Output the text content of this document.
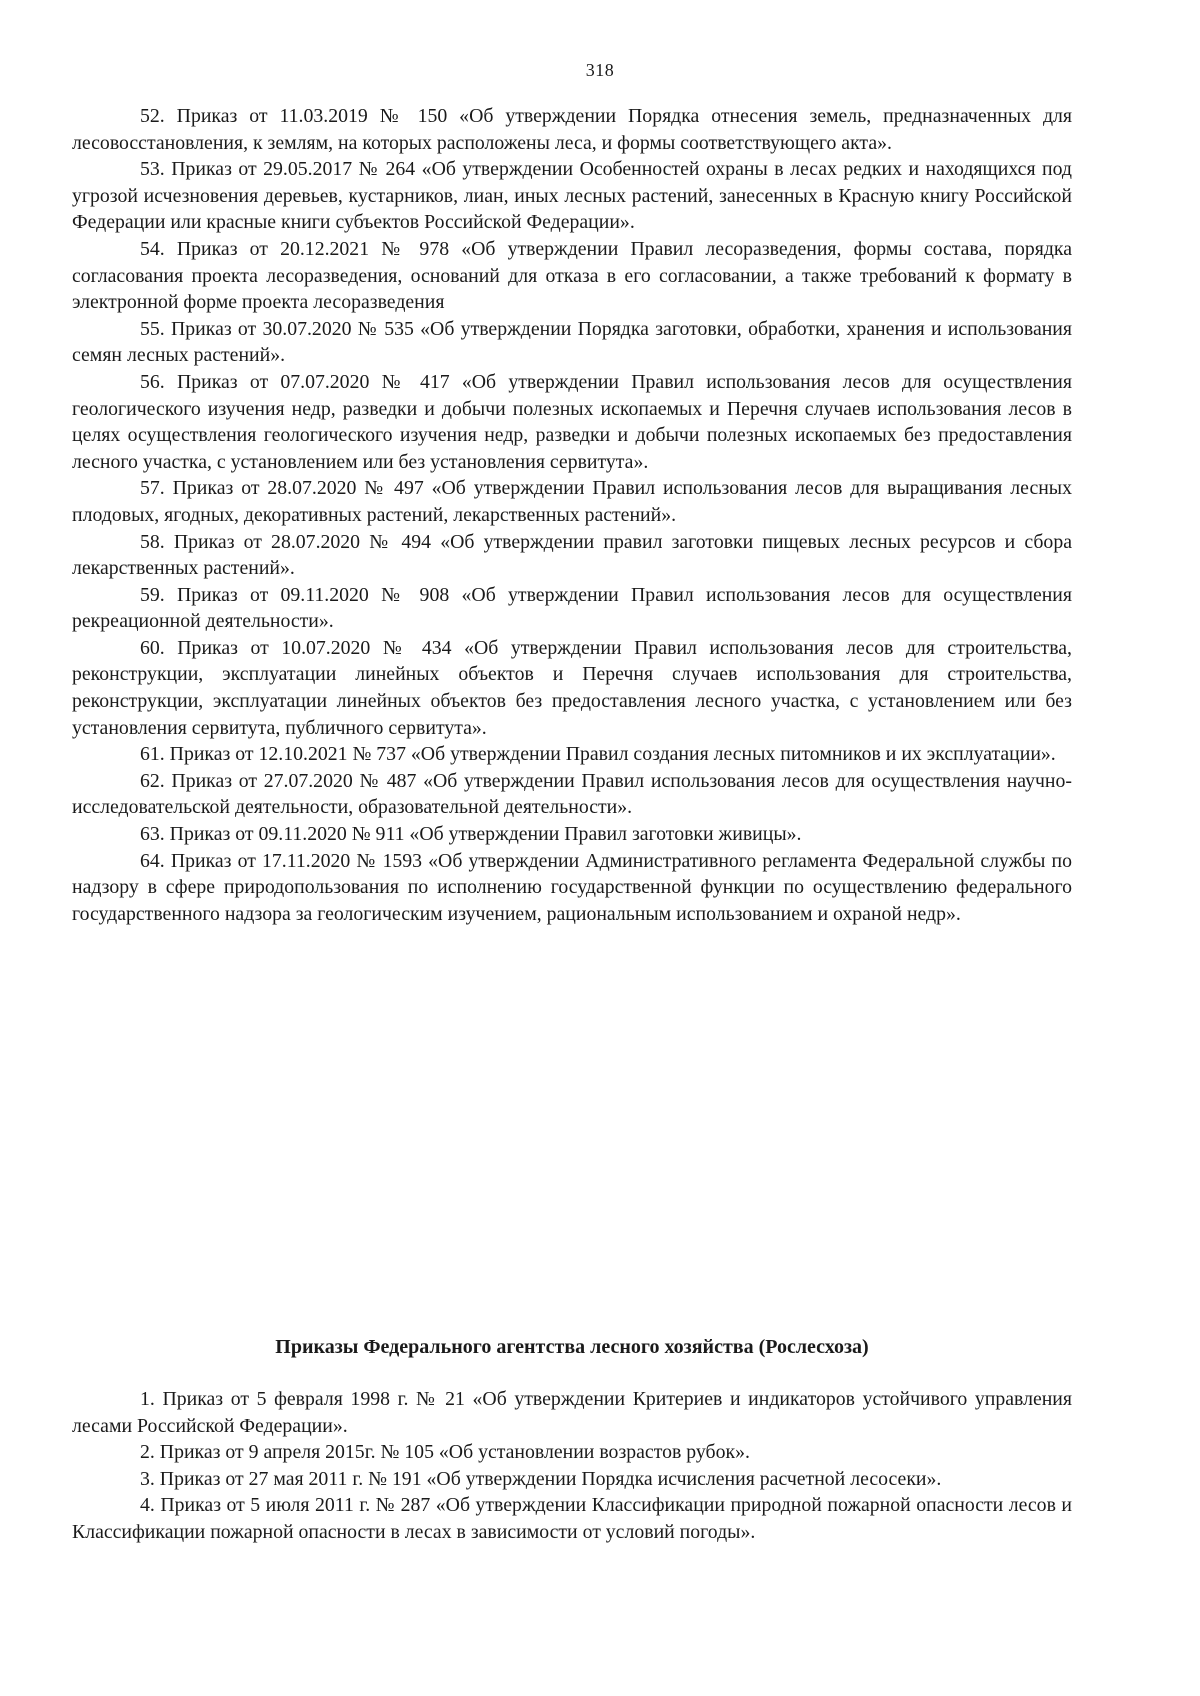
318

52. Приказ от 11.03.2019 № 150 «Об утверждении Порядка отнесения земель, предназначенных для лесовосстановления, к землям, на которых расположены леса, и формы соответствующего акта».

53. Приказ от 29.05.2017 № 264 «Об утверждении Особенностей охраны в лесах редких и находящихся под угрозой исчезновения деревьев, кустарников, лиан, иных лесных растений, занесенных в Красную книгу Российской Федерации или красные книги субъектов Российской Федерации».

54. Приказ от 20.12.2021 № 978 «Об утверждении Правил лесоразведения, формы состава, порядка согласования проекта лесоразведения, оснований для отказа в его согласовании, а также требований к формату в электронной форме проекта лесоразведения

55. Приказ от 30.07.2020 № 535 «Об утверждении Порядка заготовки, обработки, хранения и использования семян лесных растений».

56. Приказ от 07.07.2020 № 417 «Об утверждении Правил использования лесов для осуществления геологического изучения недр, разведки и добычи полезных ископаемых и Перечня случаев использования лесов в целях осуществления геологического изучения недр, разведки и добычи полезных ископаемых без предоставления лесного участка, с установлением или без установления сервитута».

57. Приказ от 28.07.2020 № 497 «Об утверждении Правил использования лесов для выращивания лесных плодовых, ягодных, декоративных растений, лекарственных растений».

58. Приказ от 28.07.2020 № 494 «Об утверждении правил заготовки пищевых лесных ресурсов и сбора лекарственных растений».

59. Приказ от 09.11.2020 № 908 «Об утверждении Правил использования лесов для осуществления рекреационной деятельности».

60. Приказ от 10.07.2020 № 434 «Об утверждении Правил использования лесов для строительства, реконструкции, эксплуатации линейных объектов и Перечня случаев использования для строительства, реконструкции, эксплуатации линейных объектов без предоставления лесного участка, с установлением или без установления сервитута, публичного сервитута».

61. Приказ от 12.10.2021 № 737 «Об утверждении Правил создания лесных питомников и их эксплуатации».

62. Приказ от 27.07.2020 № 487 «Об утверждении Правил использования лесов для осуществления научно-исследовательской деятельности, образовательной деятельности».

63. Приказ от 09.11.2020 № 911 «Об утверждении Правил заготовки живицы».

64. Приказ от 17.11.2020 № 1593 «Об утверждении Административного регламента Федеральной службы по надзору в сфере природопользования по исполнению государственной функции по осуществлению федерального государственного надзора за геологическим изучением, рациональным использованием и охраной недр».

Приказы Федерального агентства лесного хозяйства (Рослесхоза)

1. Приказ от 5 февраля 1998 г. № 21 «Об утверждении Критериев и индикаторов устойчивого управления лесами Российской Федерации».

2. Приказ от 9 апреля 2015г. № 105 «Об установлении возрастов рубок».

3. Приказ от 27 мая 2011 г. № 191 «Об утверждении Порядка исчисления расчетной лесосеки».

4. Приказ от 5 июля 2011 г. № 287 «Об утверждении Классификации природной пожарной опасности лесов и Классификации пожарной опасности в лесах в зависимости от условий погоды».
